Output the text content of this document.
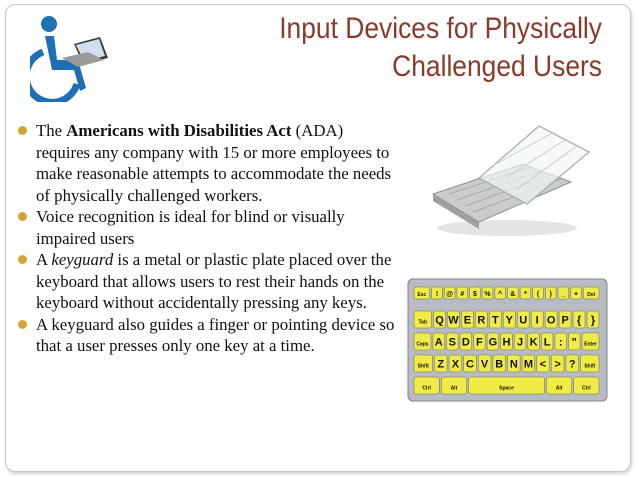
Input Devices for Physically
Challenged Users
The Americans with Disabilities Act (ADA) requires any company with 15 or more employees to make reasonable attempts to accommodate the needs of physically challenged workers.
Voice recognition is ideal for blind or visually impaired users
A keyguard is a metal or plastic plate placed over the keyboard that allows users to rest their hands on the keyboard without accidentally pressing any keys.
A keyguard also guides a finger or pointing device so that a user presses only one key at a time.
Esc ! @ # $ % ^ & * ( ) _ + Del
Tab Q W E R T Y U I O P { }
Caps A S D F G H J K L : " Enter
Shift Z X C V B N M < > ? Shift
Ctrl	Alt	Space	Alt	Ctrl
